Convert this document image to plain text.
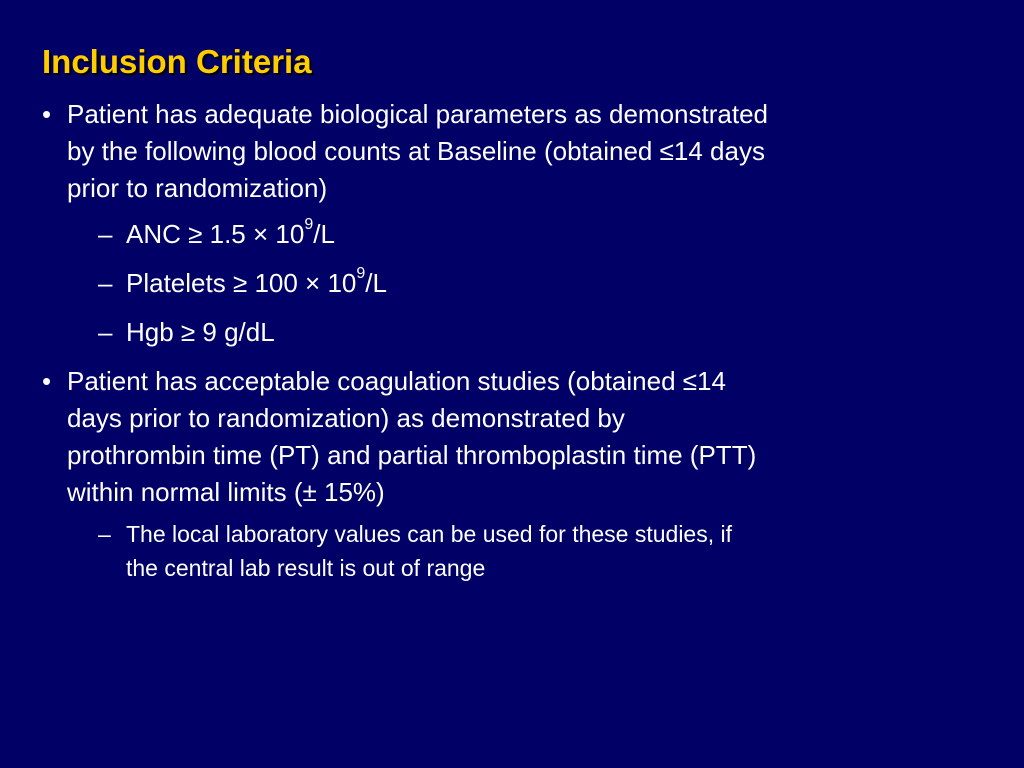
Inclusion Criteria
• Patient has adequate biological parameters as demonstrated
by the following blood counts at Baseline (obtained ≤14 days
prior to randomization)
– ANC ≥ $1.5 \times 10^9/L$
– Platelets ≥ $100 \times 10^9/L$
– Hgb ≥ 9 g/dL
• Patient has acceptable coagulation studies (obtained ≤14
days prior to randomization) as demonstrated by
prothrombin time (PT) and partial thromboplastin time (PTT)
within normal limits (± 15%)
– The local laboratory values can be used for these studies, if
the central lab result is out of range
